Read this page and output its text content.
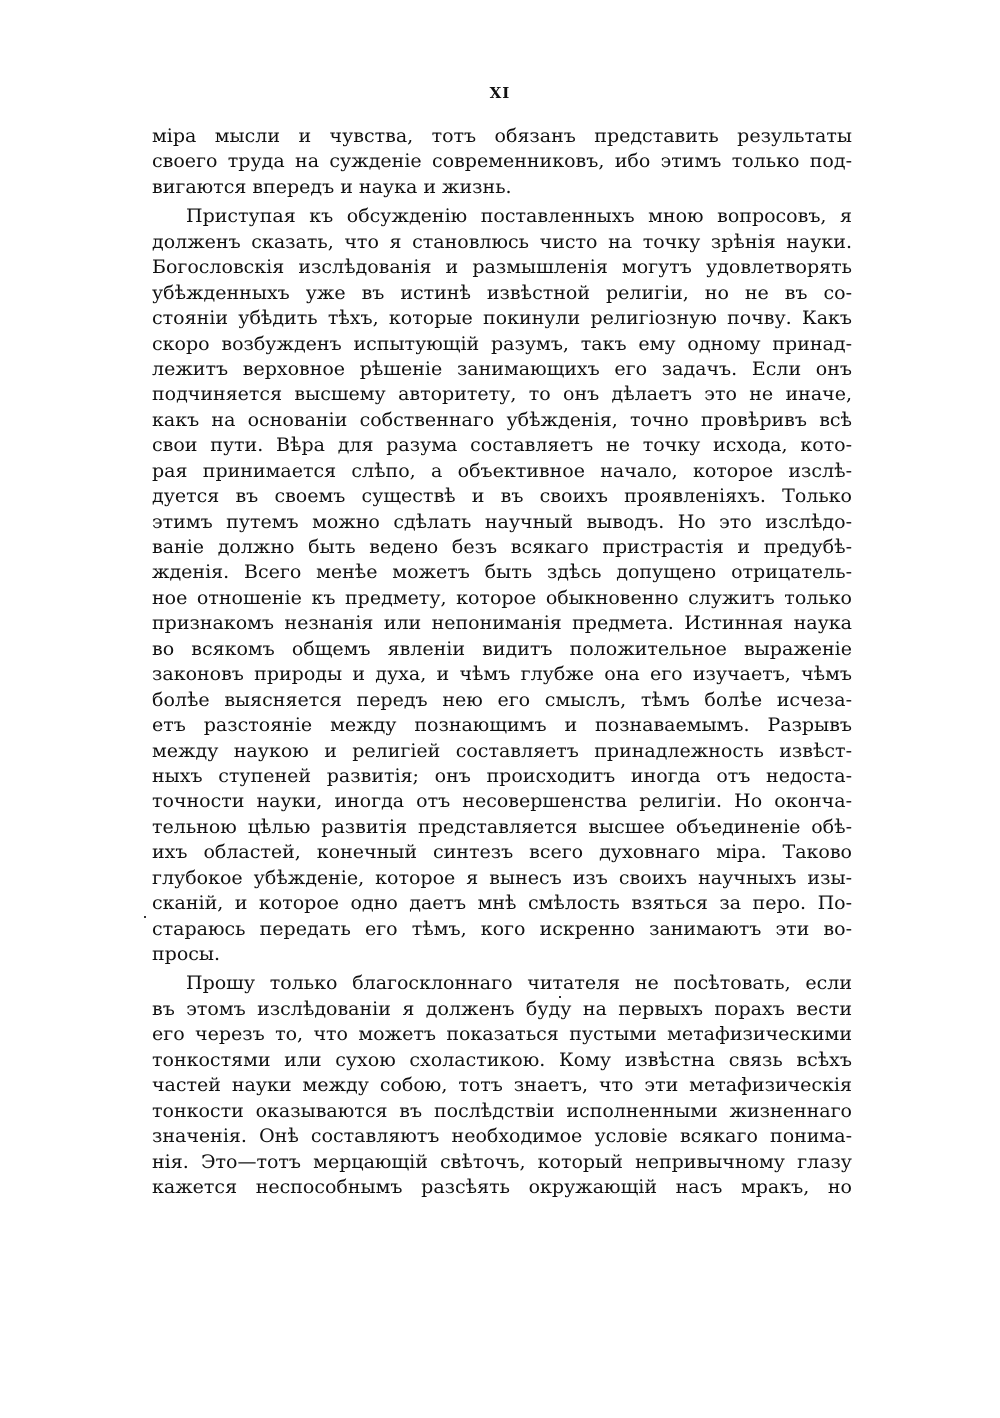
XI
міра мысли и чувства, тотъ обязанъ представить результаты
своего труда на сужденіе современниковъ, ибо этимъ только под-
вигаются впередъ и наука и жизнь.
Приступая къ обсужденію поставленныхъ мною вопросовъ, я
долженъ сказать, что я становлюсь чисто на точку зрѣнія науки.
Богословскія изслѣдованія и размышленія могутъ удовлетворять
убѣжденныхъ уже въ истинѣ извѣстной религіи, но не въ со-
стояніи убѣдить тѣхъ, которые покинули религіозную почву. Какъ
скоро возбужденъ испытующій разумъ, такъ ему одному принад-
лежитъ верховное рѣшеніе занимающихъ его задачъ. Если онъ
подчиняется высшему авторитету, то онъ дѣлаетъ это не иначе,
какъ на основаніи собственнаго убѣжденія, точно провѣривъ всѣ
свои пути. Вѣра для разума составляетъ не точку исхода, кото-
рая принимается слѣпо, а объективное начало, которое изслѣ-
дуется въ своемъ существѣ и въ своихъ проявленіяхъ. Только
этимъ путемъ можно сдѣлать научный выводъ. Но это изслѣдо-
ваніе должно быть ведено безъ всякаго пристрастія и предубѣ-
жденія. Всего менѣе можетъ быть здѣсь допущено отрицатель-
ное отношеніе къ предмету, которое обыкновенно служитъ только
признакомъ незнанія или непониманія предмета. Истинная наука
во всякомъ общемъ явленіи видитъ положительное выраженіе
законовъ природы и духа, и чѣмъ глубже она его изучаетъ, чѣмъ
болѣе выясняется передъ нею его смыслъ, тѣмъ болѣе исчеза-
етъ разстояніе между познающимъ и познаваемымъ. Разрывъ
между наукою и религіей составляетъ принадлежность извѣст-
ныхъ ступеней развитія; онъ происходитъ иногда отъ недоста-
точности науки, иногда отъ несовершенства религіи. Но оконча-
тельною цѣлью развитія представляется высшее объединеніе обѣ-
ихъ областей, конечный синтезъ всего духовнаго міра. Таково
глубокое убѣжденіе, которое я вынесъ изъ своихъ научныхъ изы-
сканій, и которое одно даетъ мнѣ смѣлость взяться за перо. По-
стараюсь передать его тѣмъ, кого искренно занимаютъ эти во-
просы.
Прошу только благосклоннаго читателя не посѣтовать, если
въ этомъ изслѣдованіи я долженъ буду на первыхъ порахъ вести
его черезъ то, что можетъ показаться пустыми метафизическими
тонкостями или сухою схоластикою. Кому извѣстна связь всѣхъ
частей науки между собою, тотъ знаетъ, что эти метафизическія
тонкости оказываются въ послѣдствіи исполненными жизненнаго
значенія. Онѣ составляютъ необходимое условіе всякаго понима-
нія. Это—тотъ мерцающій свѣточъ, который непривычному глазу
кажется неспособнымъ разсѣять окружающій насъ мракъ, но
